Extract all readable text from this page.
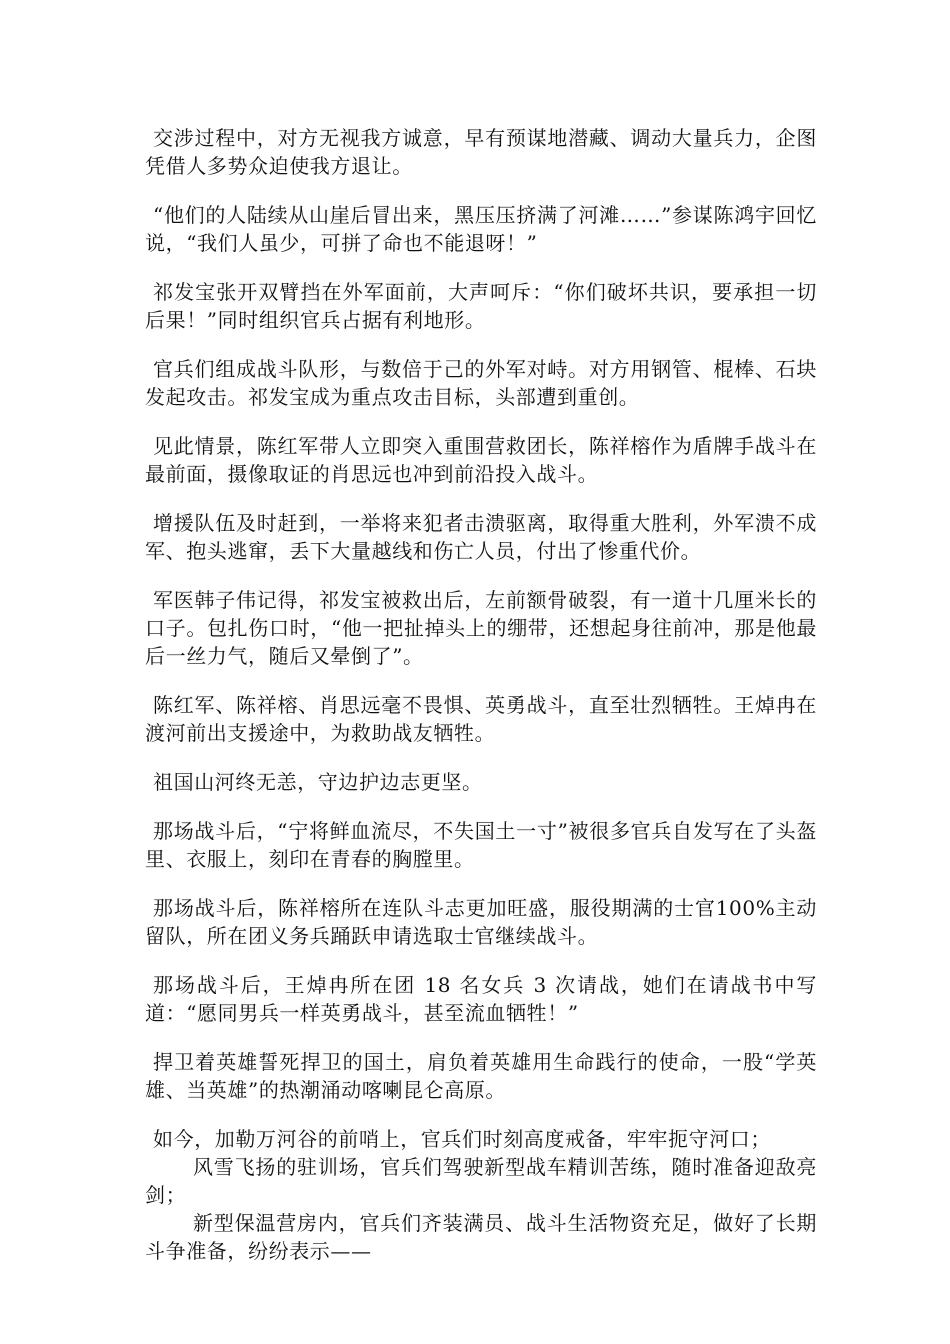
交涉过程中，对方无视我方诚意，早有预谋地潜藏、调动大量兵力，企图凭借人多势众迫使我方退让。

“他们的人陆续从山崖后冒出来，黑压压挤满了河滩……”参谋陈鸿宇回忆说，“我们人虽少，可拼了命也不能退呀！”

祁发宝张开双臂挡在外军面前，大声呵斥：“你们破坏共识，要承担一切后果！”同时组织官兵占据有利地形。

官兵们组成战斗队形，与数倍于己的外军对峙。对方用钢管、棍棒、石块发起攻击。祁发宝成为重点攻击目标，头部遭到重创。

见此情景，陈红军带人立即突入重围营救团长，陈祥榕作为盾牌手战斗在最前面，摄像取证的肖思远也冲到前沿投入战斗。

增援队伍及时赶到，一举将来犯者击溃驱离，取得重大胜利，外军溃不成军、抱头逃窜，丢下大量越线和伤亡人员，付出了惨重代价。

军医韩子伟记得，祁发宝被救出后，左前额骨破裂，有一道十几厘米长的口子。包扎伤口时，“他一把扯掉头上的绷带，还想起身往前冲，那是他最后一丝力气，随后又晕倒了”。

陈红军、陈祥榕、肖思远毫不畏惧、英勇战斗，直至壮烈牺牲。王焯冉在渡河前出支援途中，为救助战友牺牲。

祖国山河终无恙，守边护边志更坚。

那场战斗后，“宁将鲜血流尽，不失国土一寸”被很多官兵自发写在了头盔里、衣服上，刻印在青春的胸膛里。

那场战斗后，陈祥榕所在连队斗志更加旺盛，服役期满的士官100%主动留队，所在团义务兵踊跃申请选取士官继续战斗。

那场战斗后，王焯冉所在团 18 名女兵 3 次请战，她们在请战书中写道：“愿同男兵一样英勇战斗，甚至流血牺牲！”

捍卫着英雄誓死捍卫的国土，肩负着英雄用生命践行的使命，一股“学英雄、当英雄”的热潮涌动喀喇昆仑高原。

如今，加勒万河谷的前哨上，官兵们时刻高度戒备，牢牢扼守河口；

风雪飞扬的驻训场，官兵们驾驶新型战车精训苦练，随时准备迎敌亮剑；

新型保温营房内，官兵们齐装满员、战斗生活物资充足，做好了长期斗争准备，纷纷表示——
